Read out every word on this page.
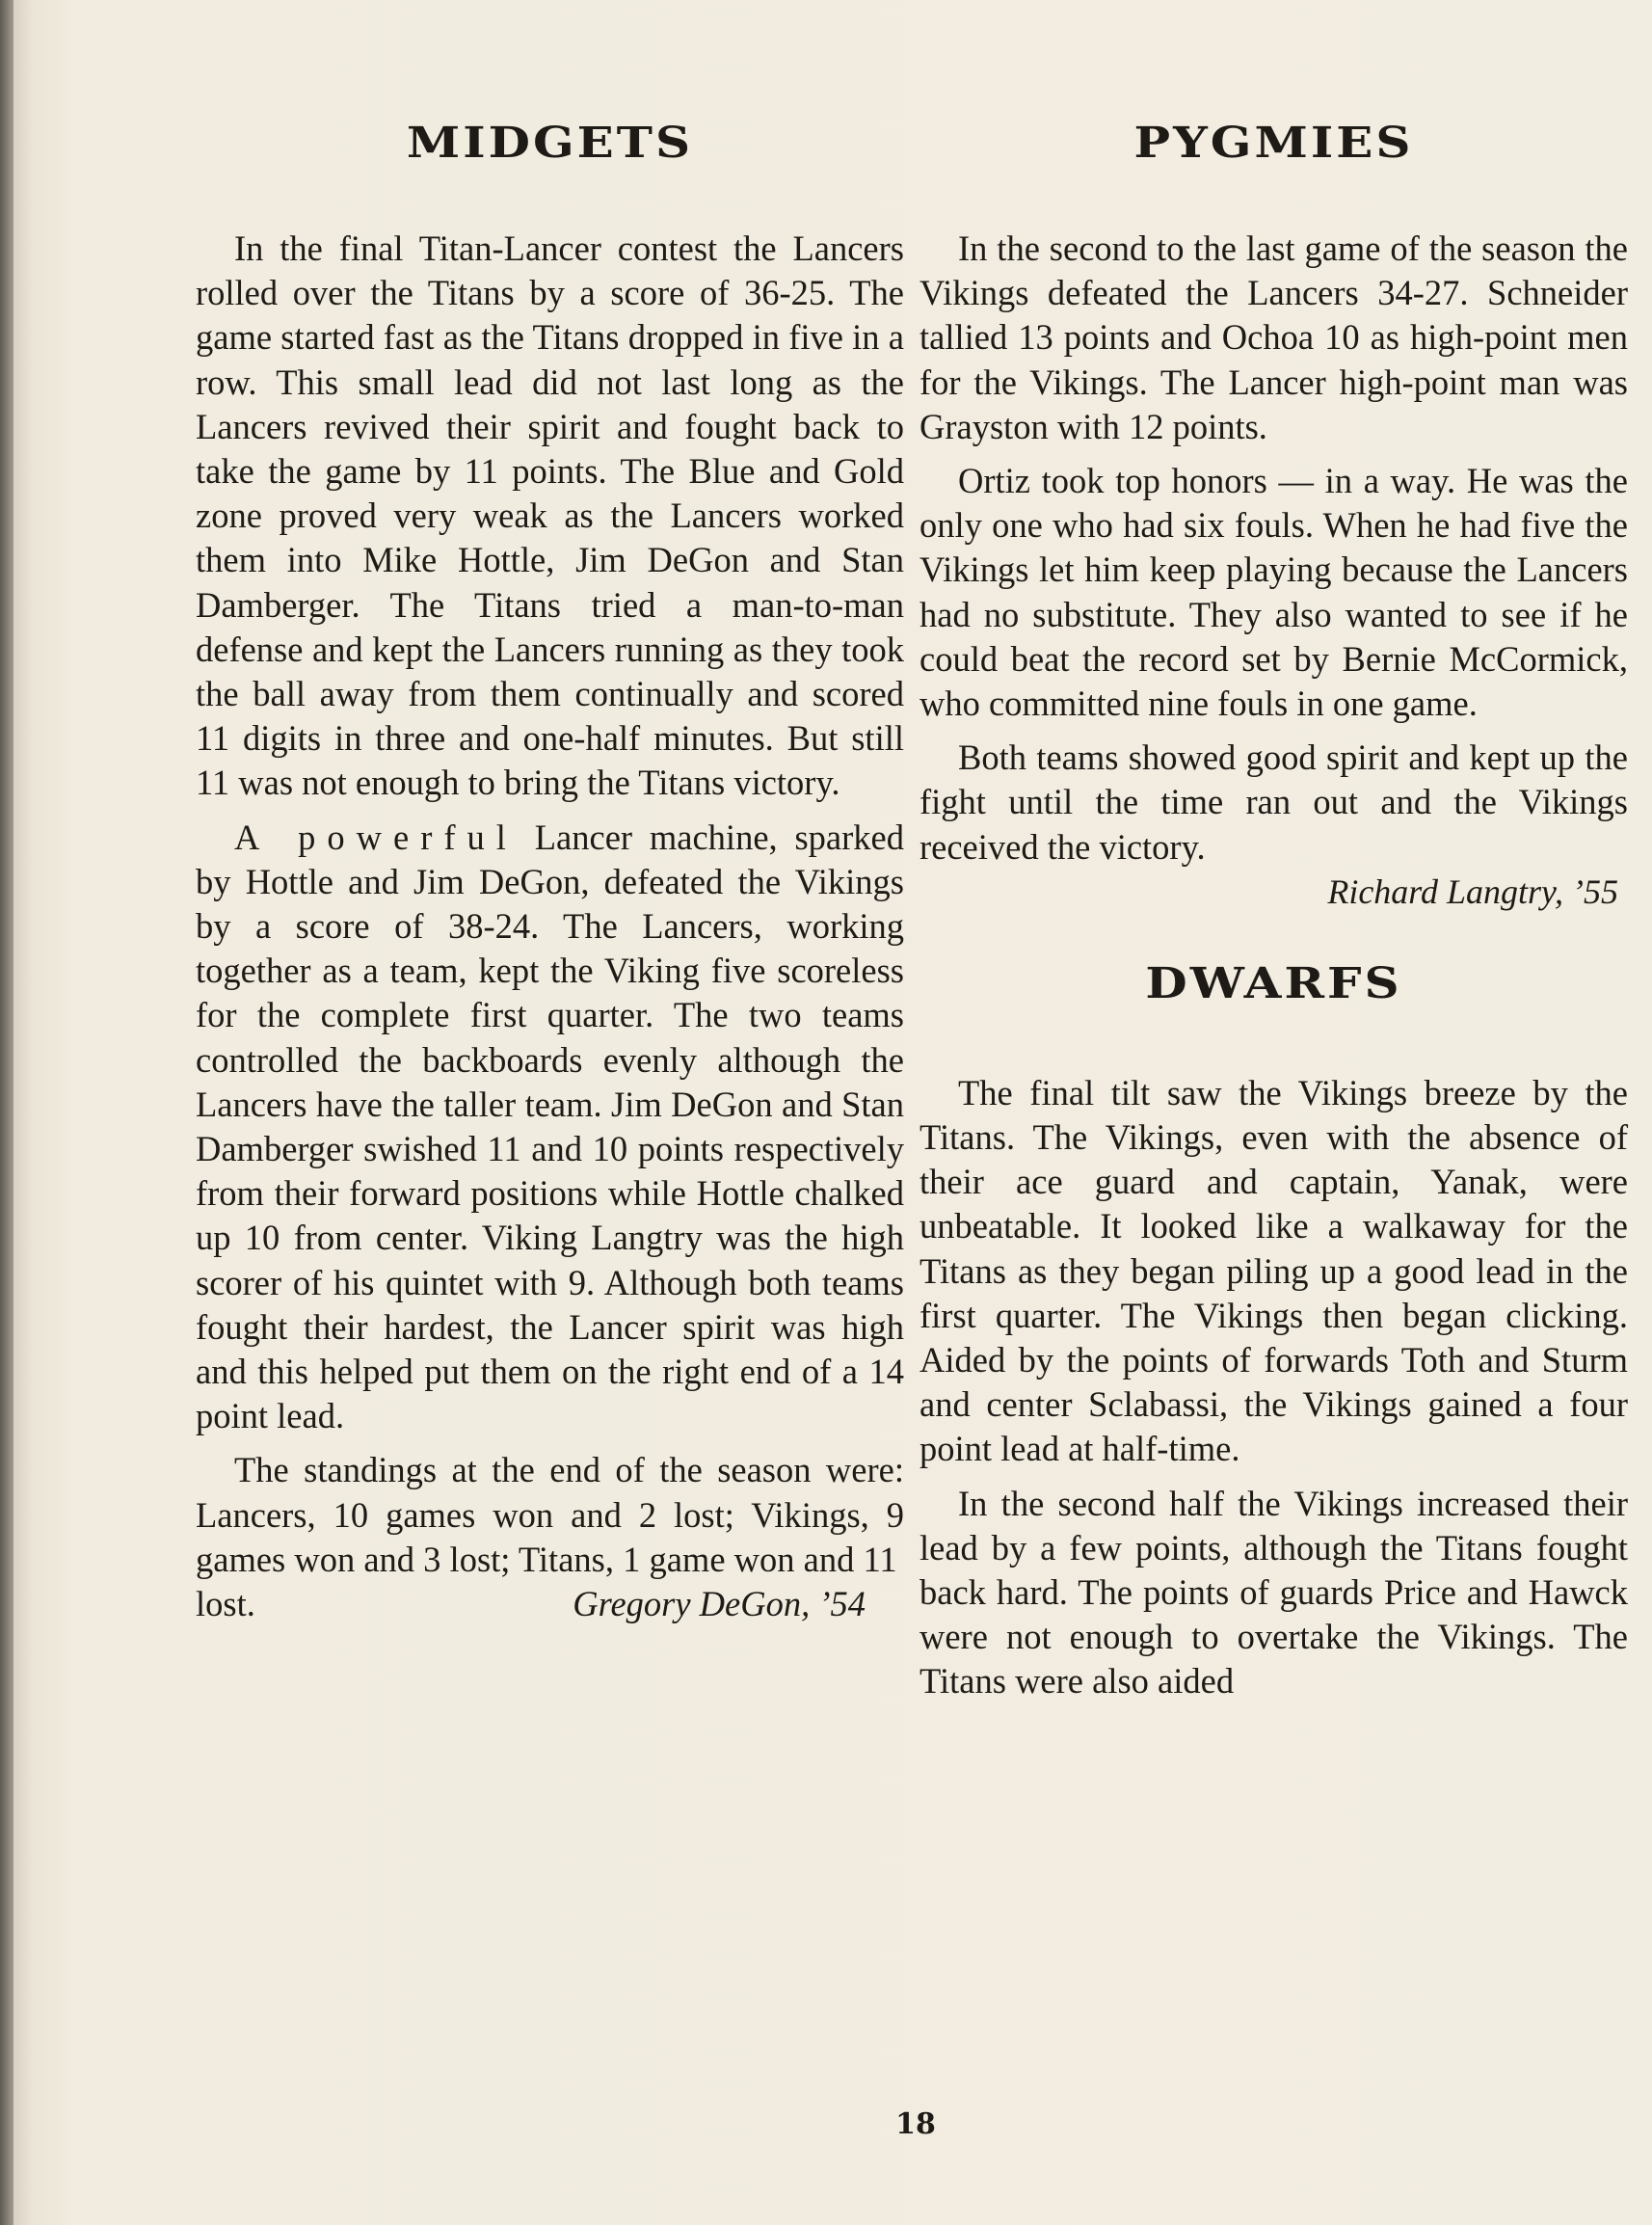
MIDGETS

In the final Titan-Lancer contest the Lancers rolled over the Titans by a score of 36-25. The game started fast as the Titans dropped in five in a row. This small lead did not last long as the Lancers revived their spirit and fought back to take the game by 11 points. The Blue and Gold zone proved very weak as the Lancers worked them into Mike Hottle, Jim DeGon and Stan Damberger. The Titans tried a man-to-man defense and kept the Lancers running as they took the ball away from them continually and scored 11 digits in three and one-half minutes. But still 11 was not enough to bring the Titans victory.

A powerful Lancer machine, sparked by Hottle and Jim DeGon, defeated the Vikings by a score of 38-24. The Lancers, working together as a team, kept the Viking five scoreless for the complete first quarter. The two teams controlled the backboards evenly although the Lancers have the taller team. Jim DeGon and Stan Damberger swished 11 and 10 points respectively from their forward positions while Hottle chalked up 10 from center. Viking Langtry was the high scorer of his quintet with 9. Although both teams fought their hardest, the Lancer spirit was high and this helped put them on the right end of a 14 point lead.

The standings at the end of the season were: Lancers, 10 games won and 2 lost; Vikings, 9 games won and 3 lost; Titans, 1 game won and 11

lost.	Gregory DeGon, ’54
PYGMIES

In the second to the last game of the season the Vikings defeated the Lancers 34-27. Schneider tallied 13 points and Ochoa 10 as high-point men for the Vikings. The Lancer high-point man was Grayston with 12 points.

Ortiz took top honors — in a way. He was the only one who had six fouls. When he had five the Vikings let him keep playing because the Lancers had no substitute. They also wanted to see if he could beat the record set by Bernie McCormick, who committed nine fouls in one game.

Both teams showed good spirit and kept up the fight until the time ran out and the Vikings received the victory.

Richard Langtry, ’55

DWARFS

The final tilt saw the Vikings breeze by the Titans. The Vikings, even with the absence of their ace guard and captain, Yanak, were unbeatable. It looked like a walkaway for the Titans as they began piling up a good lead in the first quarter. The Vikings then began clicking. Aided by the points of forwards Toth and Sturm and center Sclabassi, the Vikings gained a four point lead at half-time.

In the second half the Vikings increased their lead by a few points, although the Titans fought back hard. The points of guards Price and Hawck were not enough to overtake the Vikings. The Titans were also aided

18
